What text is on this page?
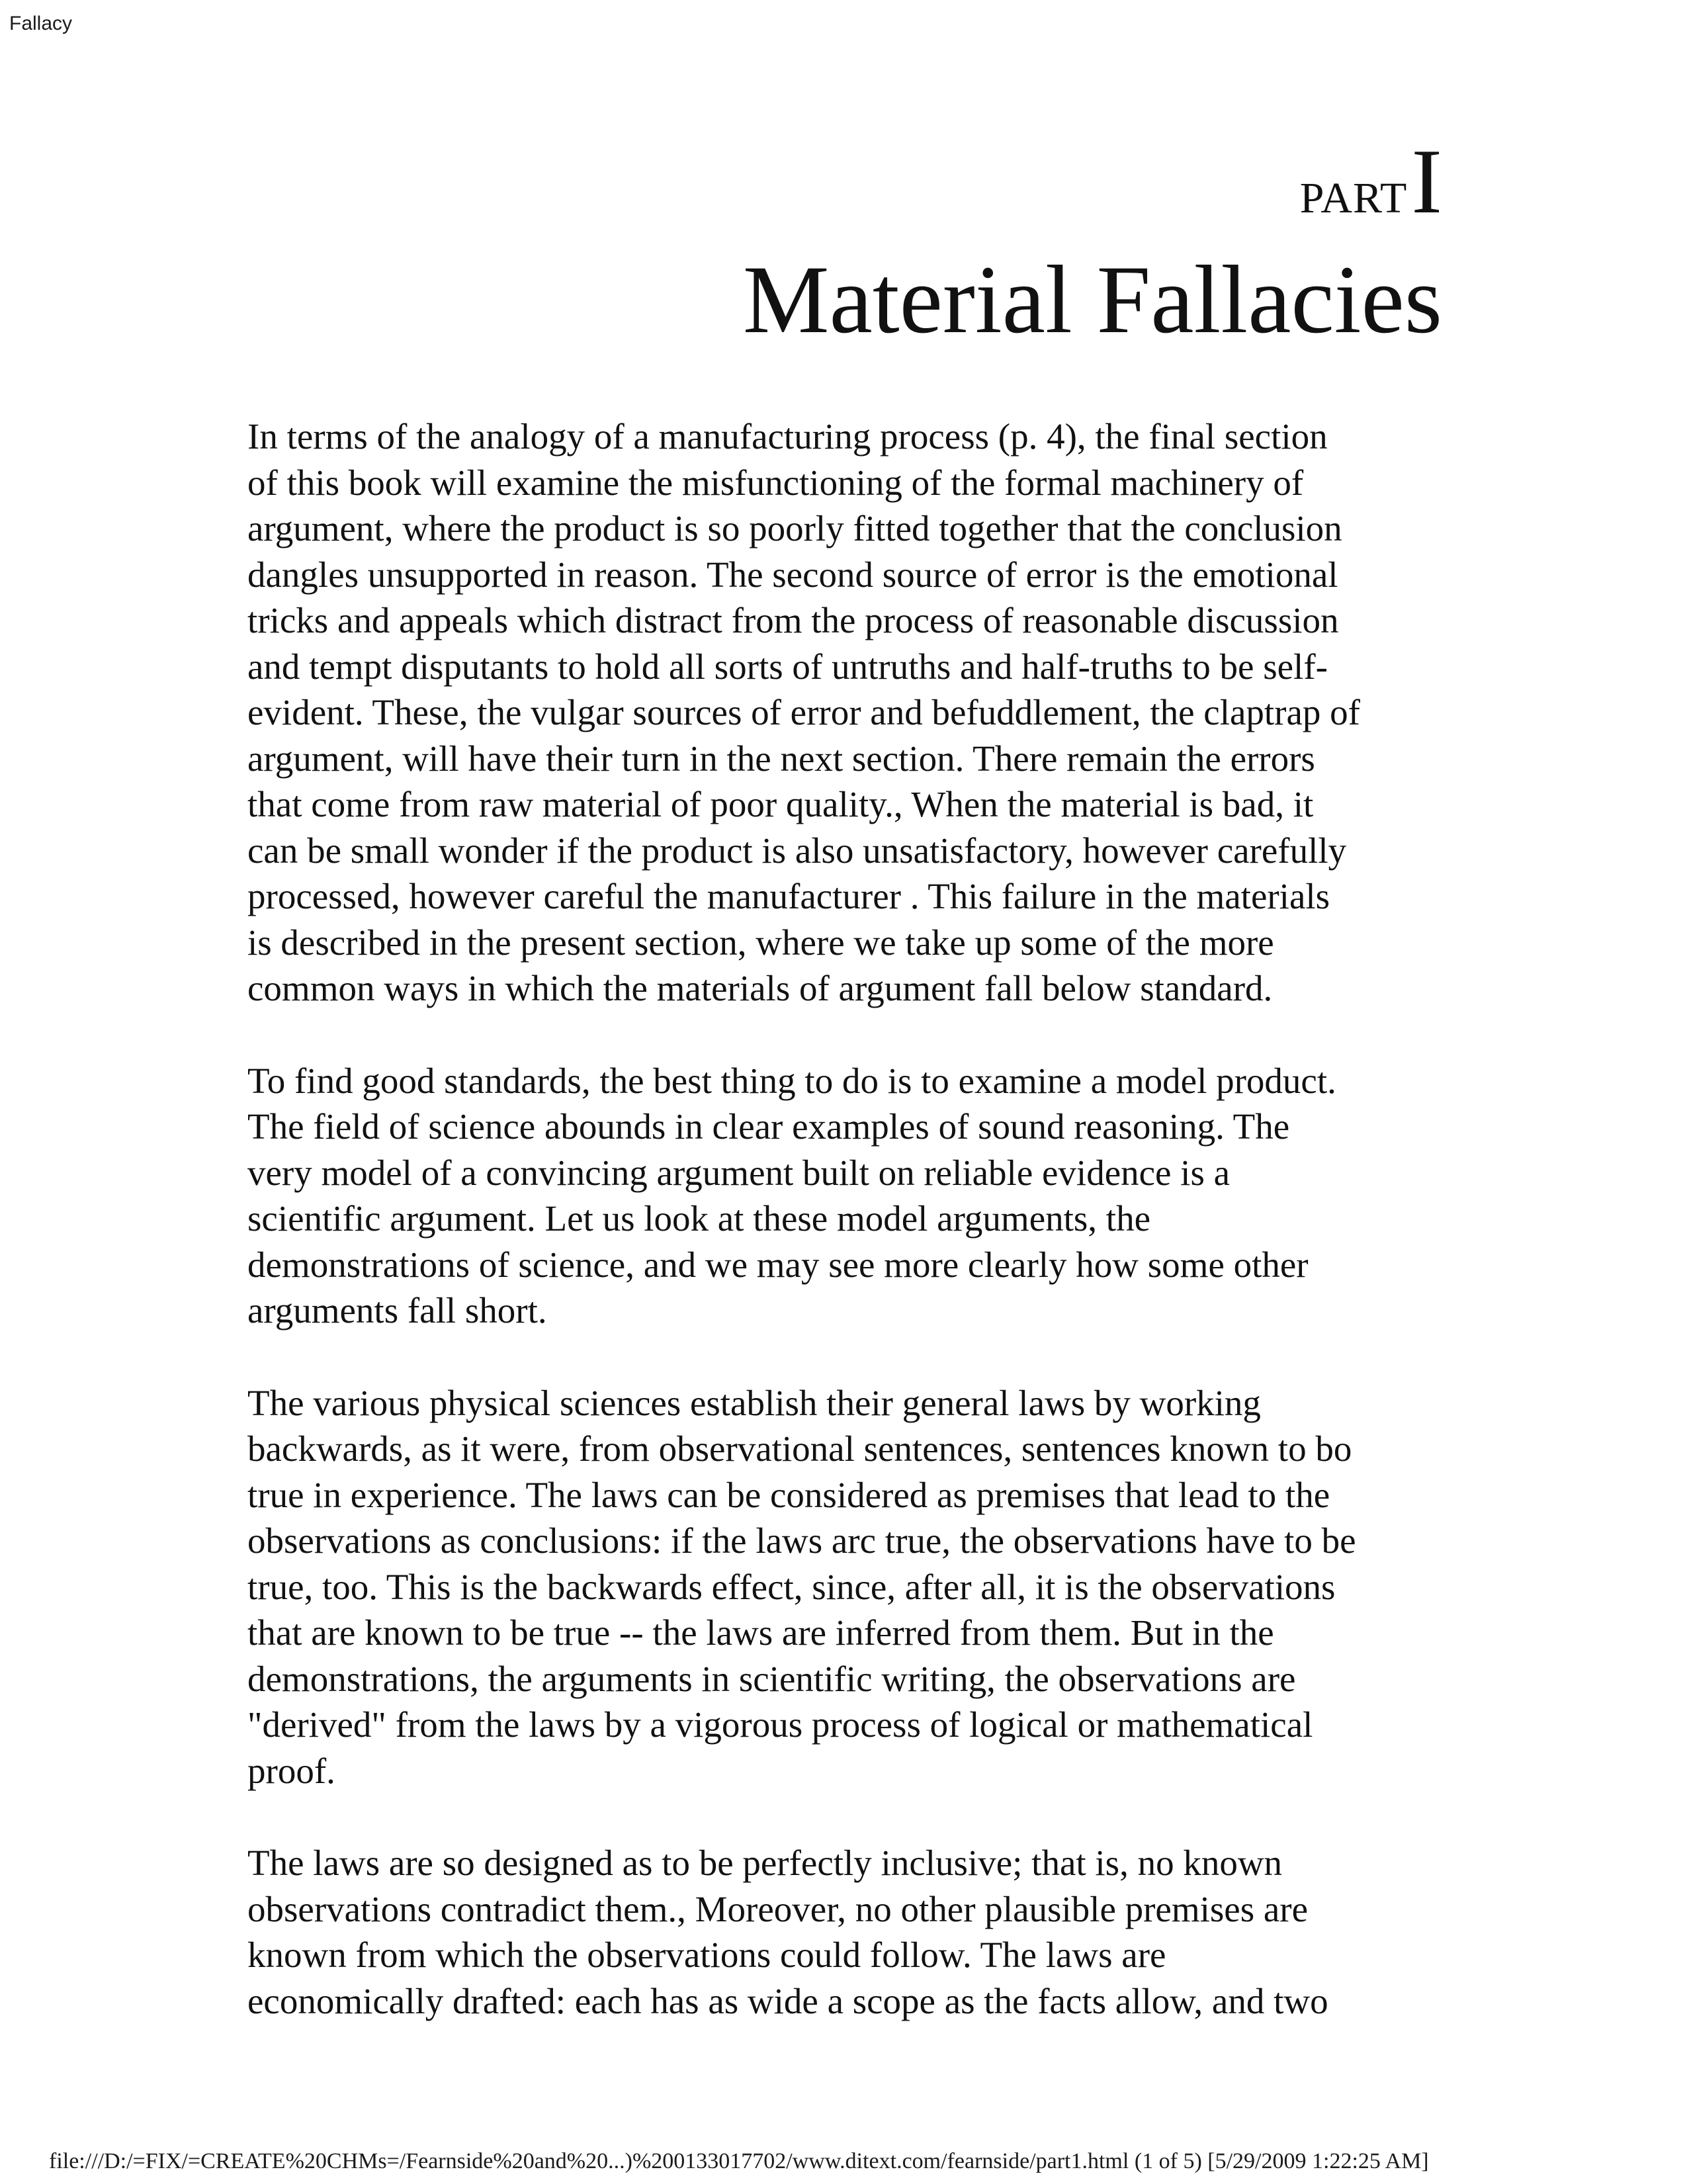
Fallacy
PARTI
Material Fallacies

In terms of the analogy of a manufacturing process (p. 4), the final section
of this book will examine the misfunctioning of the formal machinery of
argument, where the product is so poorly fitted together that the conclusion
dangles unsupported in reason. The second source of error is the emotional
tricks and appeals which distract from the process of reasonable discussion
and tempt disputants to hold all sorts of untruths and half-truths to be self-
evident. These, the vulgar sources of error and befuddlement, the claptrap of
argument, will have their turn in the next section. There remain the errors
that come from raw material of poor quality., When the material is bad, it
can be small wonder if the product is also unsatisfactory, however carefully
processed, however careful the manufacturer . This failure in the materials
is described in the present section, where we take up some of the more
common ways in which the materials of argument fall below standard.

To find good standards, the best thing to do is to examine a model product.
The field of science abounds in clear examples of sound reasoning. The
very model of a convincing argument built on reliable evidence is a
scientific argument. Let us look at these model arguments, the
demonstrations of science, and we may see more clearly how some other
arguments fall short.

The various physical sciences establish their general laws by working
backwards, as it were, from observational sentences, sentences known to bo
true in experience. The laws can be considered as premises that lead to the
observations as conclusions: if the laws arc true, the observations have to be
true, too. This is the backwards effect, since, after all, it is the observations
that are known to be true -- the laws are inferred from them. But in the
demonstrations, the arguments in scientific writing, the observations are
"derived" from the laws by a vigorous process of logical or mathematical
proof.

The laws are so designed as to be perfectly inclusive; that is, no known
observations contradict them., Moreover, no other plausible premises are
known from which the observations could follow. The laws are
economically drafted: each has as wide a scope as the facts allow, and two

file:///D:/=FIX/=CREATE%20CHMs=/Fearnside%20and%20...)%200133017702/www.ditext.com/fearnside/part1.html (1 of 5) [5/29/2009 1:22:25 AM]
